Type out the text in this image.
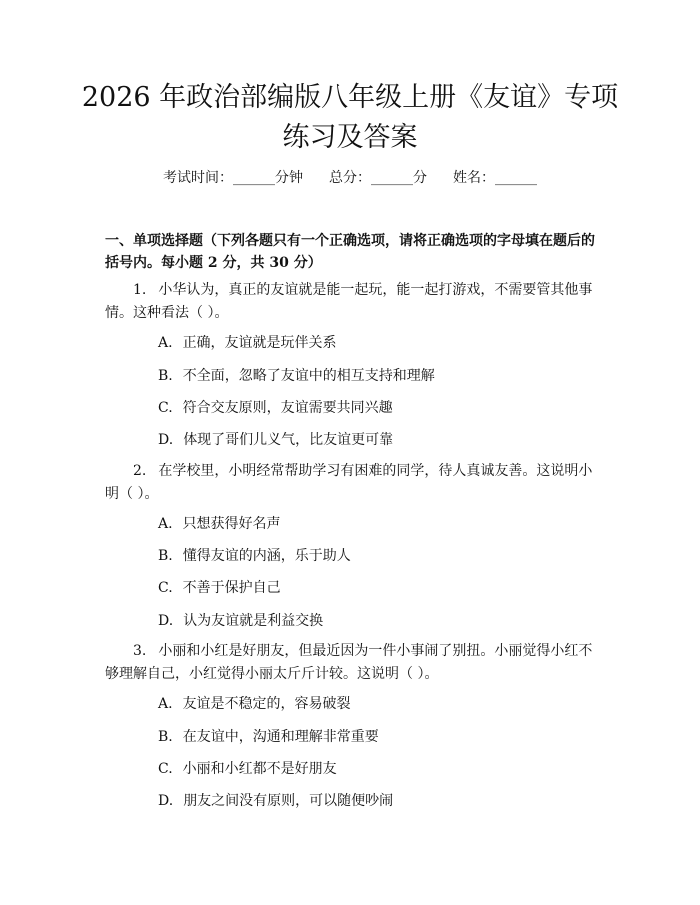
2026 年政治部编版八年级上册《友谊》专项
练习及答案
考试时间：______分钟 总分：______分 姓名：______
一、单项选择题（下列各题只有一个正确选项，请将正确选项的字母填在题后的括号内。每小题 2 分，共 30 分）
1. 小华认为，真正的友谊就是能一起玩，能一起打游戏，不需要管其他事情。这种看法（ ）。
A. 正确，友谊就是玩伴关系
B. 不全面，忽略了友谊中的相互支持和理解
C. 符合交友原则，友谊需要共同兴趣
D. 体现了哥们儿义气，比友谊更可靠
2. 在学校里，小明经常帮助学习有困难的同学，待人真诚友善。这说明小明（ ）。
A. 只想获得好名声
B. 懂得友谊的内涵，乐于助人
C. 不善于保护自己
D. 认为友谊就是利益交换
3. 小丽和小红是好朋友，但最近因为一件小事闹了别扭。小丽觉得小红不够理解自己，小红觉得小丽太斤斤计较。这说明（ ）。
A. 友谊是不稳定的，容易破裂
B. 在友谊中，沟通和理解非常重要
C. 小丽和小红都不是好朋友
D. 朋友之间没有原则，可以随便吵闹
